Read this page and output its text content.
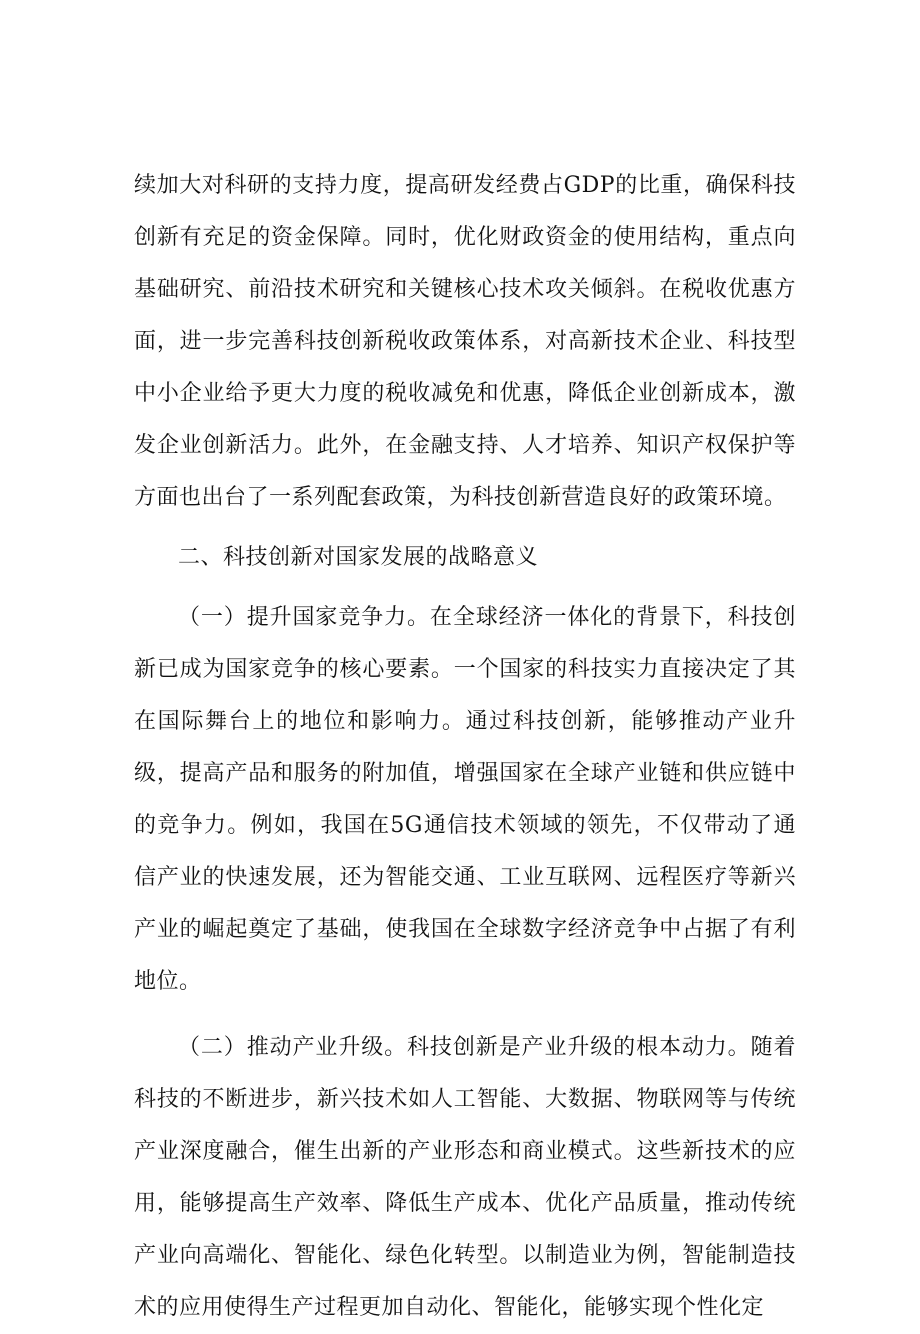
续加大对科研的支持力度，提高研发经费占GDP的比重，确保科技创新有充足的资金保障。同时，优化财政资金的使用结构，重点向基础研究、前沿技术研究和关键核心技术攻关倾斜。在税收优惠方面，进一步完善科技创新税收政策体系，对高新技术企业、科技型中小企业给予更大力度的税收减免和优惠，降低企业创新成本，激发企业创新活力。此外，在金融支持、人才培养、知识产权保护等方面也出台了一系列配套政策，为科技创新营造良好的政策环境。

二、科技创新对国家发展的战略意义

（一）提升国家竞争力。在全球经济一体化的背景下，科技创新已成为国家竞争的核心要素。一个国家的科技实力直接决定了其在国际舞台上的地位和影响力。通过科技创新，能够推动产业升级，提高产品和服务的附加值，增强国家在全球产业链和供应链中的竞争力。例如，我国在5G通信技术领域的领先，不仅带动了通信产业的快速发展，还为智能交通、工业互联网、远程医疗等新兴产业的崛起奠定了基础，使我国在全球数字经济竞争中占据了有利地位。

（二）推动产业升级。科技创新是产业升级的根本动力。随着科技的不断进步，新兴技术如人工智能、大数据、物联网等与传统产业深度融合，催生出新的产业形态和商业模式。这些新技术的应用，能够提高生产效率、降低生产成本、优化产品质量，推动传统产业向高端化、智能化、绿色化转型。以制造业为例，智能制造技术的应用使得生产过程更加自动化、智能化，能够实现个性化定
